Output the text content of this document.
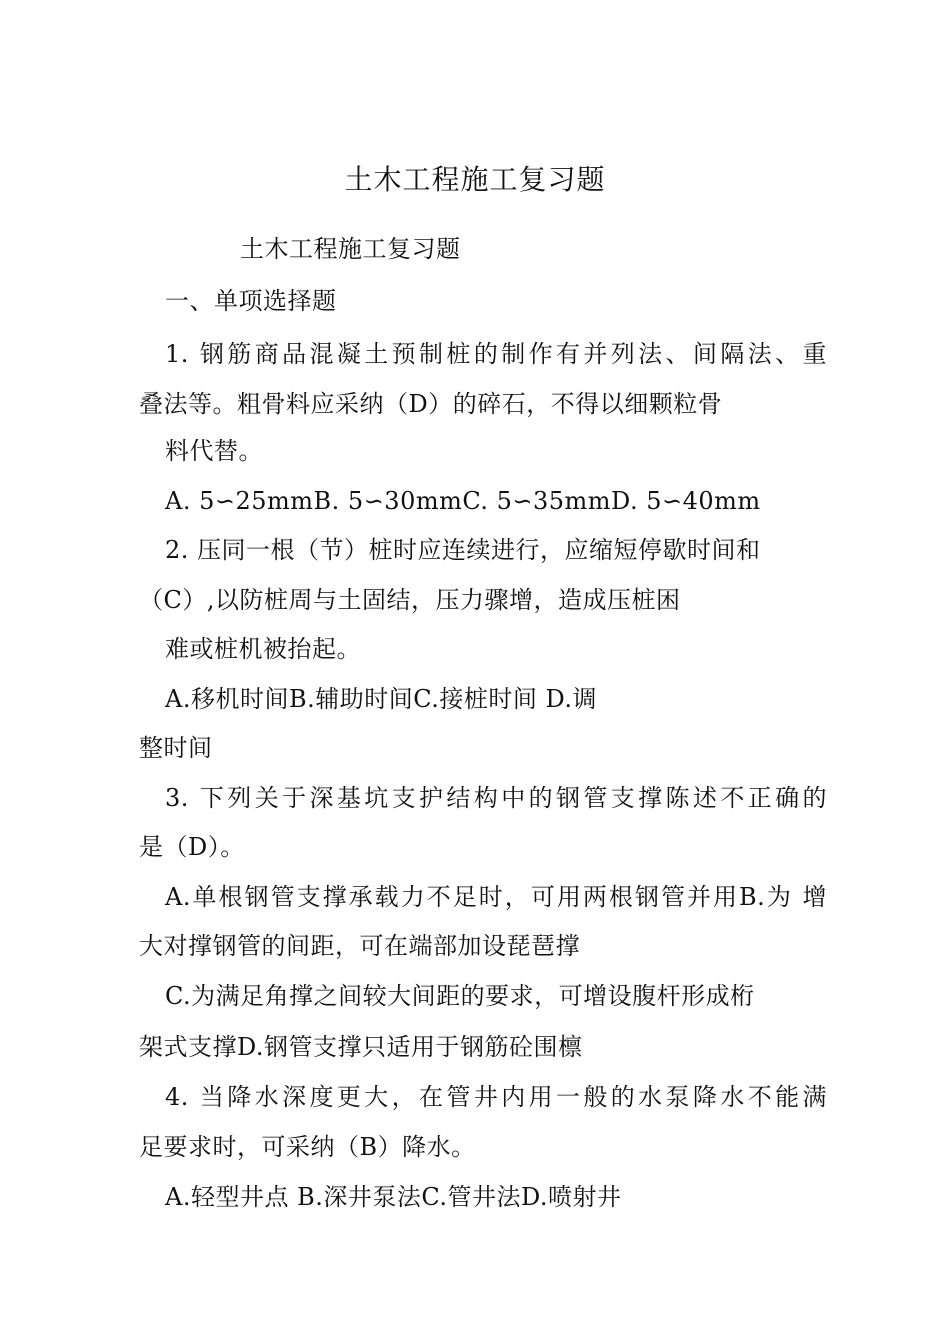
土木工程施工复习题
土木工程施工复习题
一、单项选择题
1. 钢筋商品混凝土预制桩的制作有并列法、间隔法、重
叠法等。粗骨料应采纳（D）的碎石，不得以细颗粒骨
料代替。
A. 5∽25mmB. 5∽30mmC. 5∽35mmD. 5∽40mm
2. 压同一根（节）桩时应连续进行，应缩短停歇时间和
（C）,以防桩周与土固结，压力骤增，造成压桩困
难或桩机被抬起。
A.移机时间B.辅助时间C.接桩时间 D.调
整时间
3. 下列关于深基坑支护结构中的钢管支撑陈述不正确的
是（D）。
A.单根钢管支撑承载力不足时，可用两根钢管并用B.为 增
大对撑钢管的间距，可在端部加设琵琶撑
C.为满足角撑之间较大间距的要求，可增设腹杆形成桁
架式支撑D.钢管支撑只适用于钢筋砼围檩
4. 当降水深度更大，在管井内用一般的水泵降水不能满
足要求时，可采纳（B）降水。
A.轻型井点 B.深井泵法C.管井法D.喷射井
